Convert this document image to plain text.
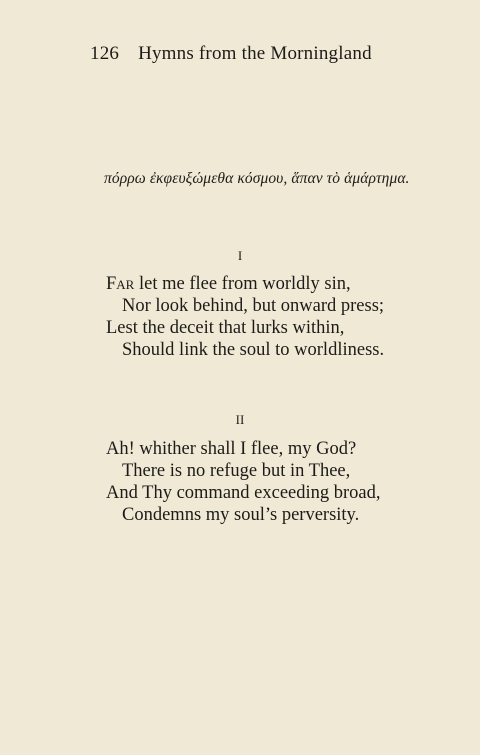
126 Hymns from the Morningland
πόρρω ἐκφευξώμεθα κόσμου, ἅπαν τὸ ἁμάρτημα.
I
Far let me flee from worldly sin,
Nor look behind, but onward press;
Lest the deceit that lurks within,
Should link the soul to worldliness.
II
Ah! whither shall I flee, my God?
There is no refuge but in Thee,
And Thy command exceeding broad,
Condemns my soul’s perversity.
